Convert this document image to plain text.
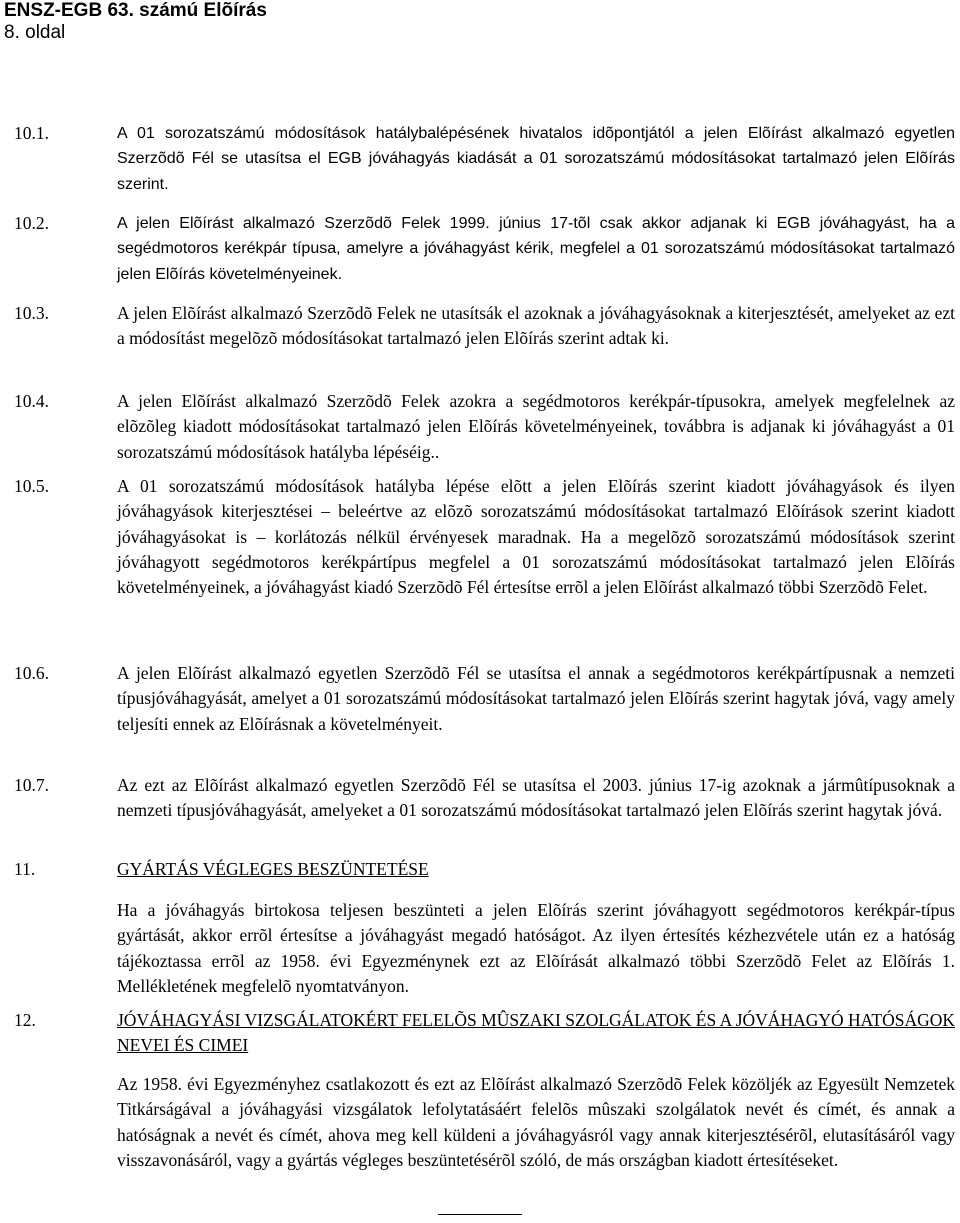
ENSZ-EGB 63. számú Elõírás
8. oldal
10.1.	A 01 sorozatszámú módosítások hatálybalépésének hivatalos idõpontjától a jelen Elõírást alkalmazó egyetlen Szerzõdõ Fél se utasítsa el EGB jóváhagyás kiadását a 01 sorozatszámú módosításokat tartalmazó jelen Elõírás szerint.
10.2.	A jelen Elõírást alkalmazó Szerzõdõ Felek 1999. június 17-tõl csak akkor adjanak ki EGB jóváhagyást, ha a segédmotoros kerékpár típusa, amelyre a jóváhagyást kérik, megfelel a 01 sorozatszámú módosításokat tartalmazó jelen Elõírás követelményeinek.
10.3.	A jelen Elõírást alkalmazó Szerzõdõ Felek ne utasítsák el azoknak a jóváhagyásoknak a kiterjesztését, amelyeket az ezt a módosítást megelõzõ módosításokat tartalmazó jelen Elõírás szerint adtak ki.
10.4.	A jelen Elõírást alkalmazó Szerzõdõ Felek azokra a segédmotoros kerékpár-típusokra, amelyek megfelelnek az elõzõleg kiadott módosításokat tartalmazó jelen Elõírás követelményeinek, továbbra is adjanak ki jóváhagyást a 01 sorozatszámú módosítások hatályba lépéséig..
10.5.	A 01 sorozatszámú módosítások hatályba lépése elõtt a jelen Elõírás szerint kiadott jóváhagyások és ilyen jóváhagyások kiterjesztései – beleértve az elõzõ sorozatszámú módosításokat tartalmazó Elõírások szerint kiadott jóváhagyásokat is – korlátozás nélkül érvényesek maradnak. Ha a megelõzõ sorozatszámú módosítások szerint jóváhagyott segédmotoros kerékpártípus megfelel a 01 sorozatszámú módosításokat tartalmazó jelen Elõírás követelményeinek, a jóváhagyást kiadó Szerzõdõ Fél értesítse errõl a jelen Elõírást alkalmazó többi Szerzõdõ Felet.
10.6.	A jelen Elõírást alkalmazó egyetlen Szerzõdõ Fél se utasítsa el annak a segédmotoros kerékpártípusnak a nemzeti típusjóváhagyását, amelyet a 01 sorozatszámú módosításokat tartalmazó jelen Elõírás szerint hagytak jóvá, vagy amely teljesíti ennek az Elõírásnak a követelményeit.
10.7.	Az ezt az Elõírást alkalmazó egyetlen Szerzõdõ Fél se utasítsa el 2003. június 17-ig azoknak a jármûtípusoknak a nemzeti típusjóváhagyását, amelyeket a 01 sorozatszámú módosításokat tartalmazó jelen Elõírás szerint hagytak jóvá.
11.	GYÁRTÁS VÉGLEGES BESZÜNTETÉSE
Ha a jóváhagyás birtokosa teljesen beszünteti a jelen Elõírás szerint jóváhagyott segédmotoros kerékpár-típus gyártását, akkor errõl értesítse a jóváhagyást megadó hatóságot. Az ilyen értesítés kézhezvétele után ez a hatóság tájékoztassa errõl az 1958. évi Egyezménynek ezt az Elõírását alkalmazó többi Szerzõdõ Felet az Elõírás 1. Mellékletének megfelelõ nyomtatványon.
12.	JÓVÁHAGYÁSI VIZSGÁLATOKÉRT FELELÕS MÛSZAKI SZOLGÁLATOK ÉS A JÓVÁHAGYÓ HATÓSÁGOK NEVEI ÉS CIMEI
Az 1958. évi Egyezményhez csatlakozott és ezt az Elõírást alkalmazó Szerzõdõ Felek közöljék az Egyesült Nemzetek Titkárságával a jóváhagyási vizsgálatok lefolytatásáért felelõs mûszaki szolgálatok nevét és címét, és annak a hatóságnak a nevét és címét, ahova meg kell küldeni a jóváhagyásról vagy annak kiterjesztésérõl, elutasításáról vagy visszavonásáról, vagy a gyártás végleges beszüntetésérõl szóló, de más országban kiadott értesítéseket.
